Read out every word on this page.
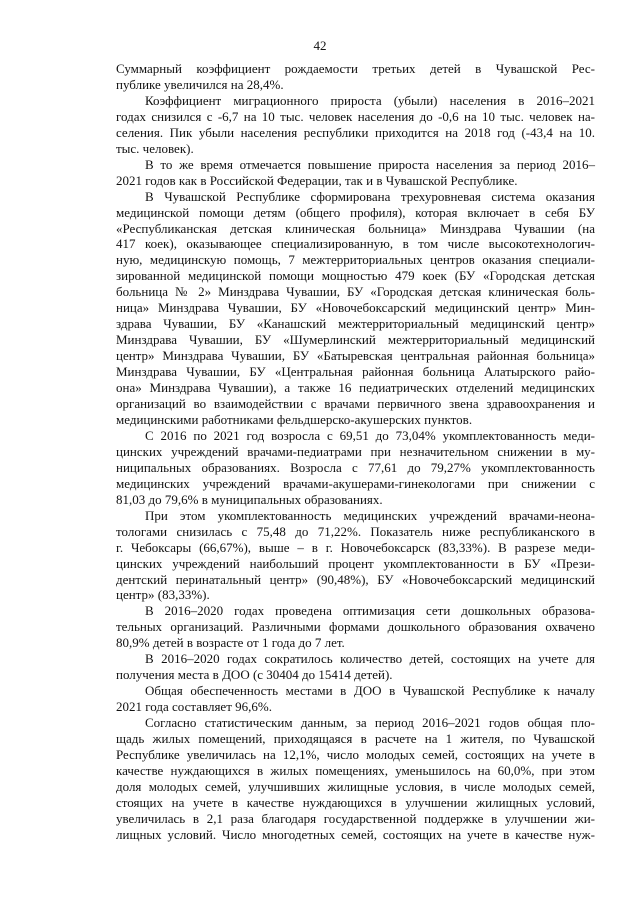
42

Суммарный коэффициент рождаемости третьих детей в Чувашской Рес-
публике увеличился на 28,4%.

Коэффициент миграционного прироста (убыли) населения в 2016–2021
годах снизился с -6,7 на 10 тыс. человек населения до -0,6 на 10 тыс. человек на-
селения. Пик убыли населения республики приходится на 2018 год (-43,4 на 10.
тыс. человек).

В то же время отмечается повышение прироста населения за период 2016–
2021 годов как в Российской Федерации, так и в Чувашской Республике.

В Чувашской Республике сформирована трехуровневая система оказания
медицинской помощи детям (общего профиля), которая включает в себя БУ
«Республиканская детская клиническая больница» Минздрава Чувашии (на
417 коек), оказывающее специализированную, в том числе высокотехнологич-
ную, медицинскую помощь, 7 межтерриториальных центров оказания специали-
зированной медицинской помощи мощностью 479 коек (БУ «Городская детская
больница № 2» Минздрава Чувашии, БУ «Городская детская клиническая боль-
ница» Минздрава Чувашии, БУ «Новочебоксарский медицинский центр» Мин-
здрава Чувашии, БУ «Канашский межтерриториальный медицинский центр»
Минздрава Чувашии, БУ «Шумерлинский межтерриториальный медицинский
центр» Минздрава Чувашии, БУ «Батыревская центральная районная больница»
Минздрава Чувашии, БУ «Центральная районная больница Алатырского райо-
она» Минздрава Чувашии), а также 16 педиатрических отделений медицинских
организаций во взаимодействии с врачами первичного звена здравоохранения и
медицинскими работниками фельдшерско-акушерских пунктов.

С 2016 по 2021 год возросла с 69,51 до 73,04% укомплектованность меди-
цинских учреждений врачами-педиатрами при незначительном снижении в му-
ниципальных образованиях. Возросла с 77,61 до 79,27% укомплектованность
медицинских учреждений врачами-акушерами-гинекологами при снижении с
81,03 до 79,6% в муниципальных образованиях.

При этом укомплектованность медицинских учреждений врачами-неона-
тологами снизилась с 75,48 до 71,22%. Показатель ниже республиканского в
г. Чебоксары (66,67%), выше – в г. Новочебоксарск (83,33%). В разрезе меди-
цинских учреждений наибольший процент укомплектованности в БУ «Прези-
дентский перинатальный центр» (90,48%), БУ «Новочебоксарский медицинский
центр» (83,33%).

В 2016–2020 годах проведена оптимизация сети дошкольных образова-
тельных организаций. Различными формами дошкольного образования охвачено
80,9% детей в возрасте от 1 года до 7 лет.

В 2016–2020 годах сократилось количество детей, состоящих на учете для
получения места в ДОО (с 30404 до 15414 детей).

Общая обеспеченность местами в ДОО в Чувашской Республике к началу
2021 года составляет 96,6%.

Согласно статистическим данным, за период 2016–2021 годов общая пло-
щадь жилых помещений, приходящаяся в расчете на 1 жителя, по Чувашской
Республике увеличилась на 12,1%, число молодых семей, состоящих на учете в
качестве нуждающихся в жилых помещениях, уменьшилось на 60,0%, при этом
доля молодых семей, улучшивших жилищные условия, в числе молодых семей,
стоящих на учете в качестве нуждающихся в улучшении жилищных условий,
увеличилась в 2,1 раза благодаря государственной поддержке в улучшении жи-
лищных условий. Число многодетных семей, состоящих на учете в качестве нуж-
